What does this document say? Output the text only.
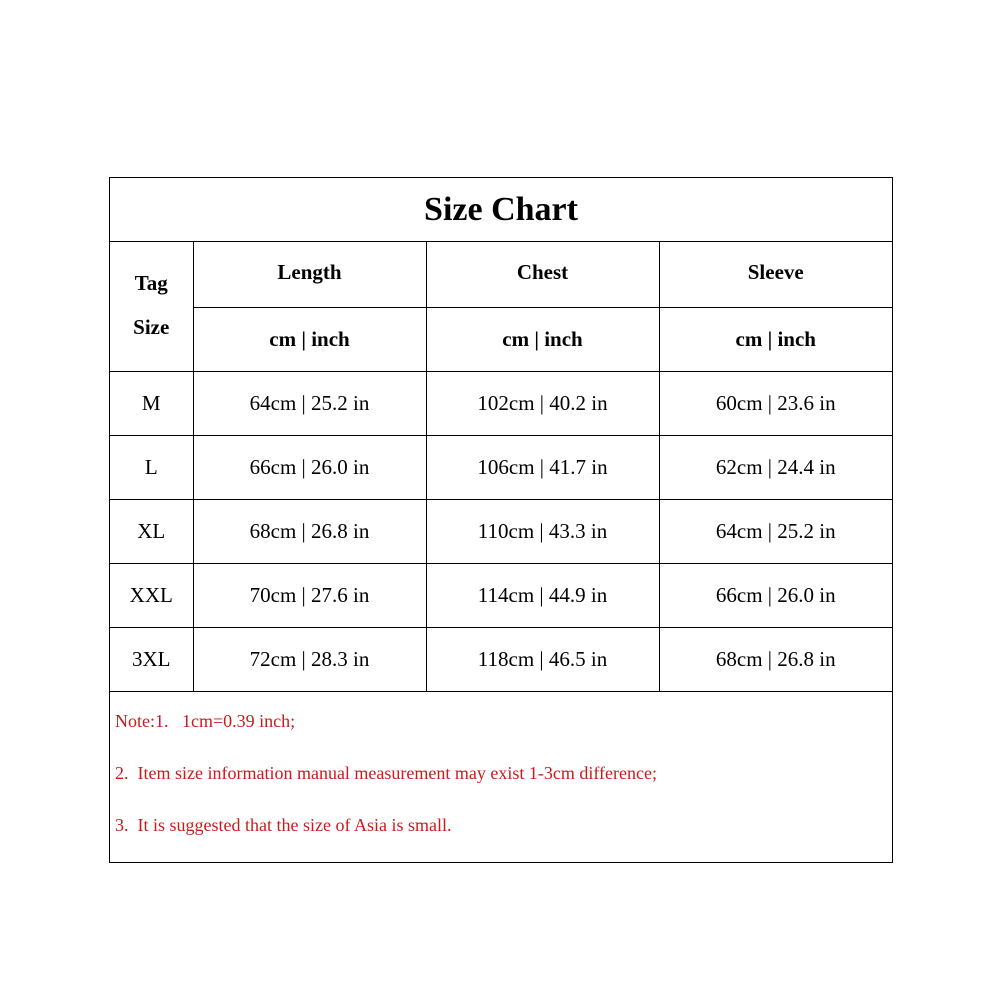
Size Chart
Tag
Size	Length	Chest	Sleeve
	cm | inch	cm | inch	cm | inch
M	64cm | 25.2 in	102cm | 40.2 in	60cm | 23.6 in
L	66cm | 26.0 in	106cm | 41.7 in	62cm | 24.4 in
XL	68cm | 26.8 in	110cm | 43.3 in	64cm | 25.2 in
XXL	70cm | 27.6 in	114cm | 44.9 in	66cm | 26.0 in
3XL	72cm | 28.3 in	118cm | 46.5 in	68cm | 26.8 in
Note:1.   1cm=0.39 inch;
2.  Item size information manual measurement may exist 1-3cm difference;
3.  It is suggested that the size of Asia is small.
